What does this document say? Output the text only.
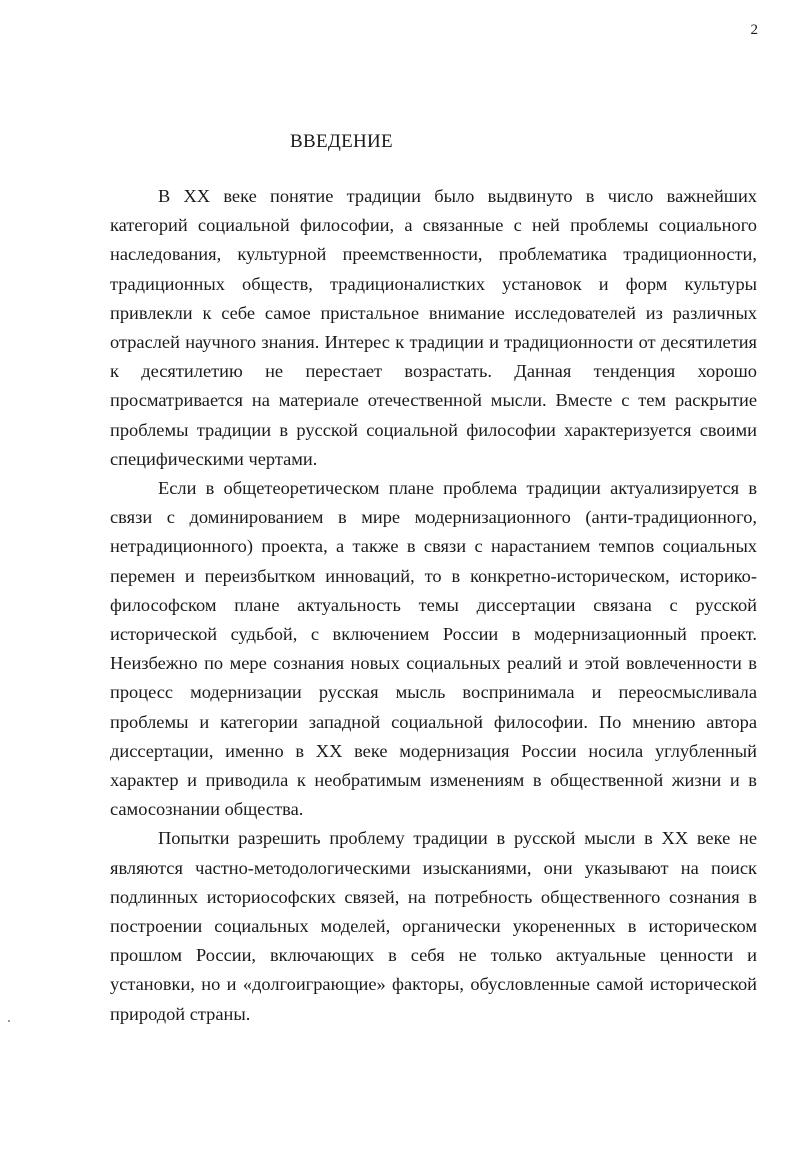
2
ВВЕДЕНИЕ

В XX веке понятие традиции было выдвинуто в число важнейших категорий социальной философии, а связанные с ней проблемы социального наследования, культурной преемственности, проблематика традиционности, традиционных обществ, традиционалистких установок и форм культуры привлекли к себе самое пристальное внимание исследователей из различных отраслей научного знания. Интерес к традиции и традиционности от десятилетия к десятилетию не перестает возрастать. Данная тенденция хорошо просматривается на материале отечественной мысли. Вместе с тем раскрытие проблемы традиции в русской социальной философии характеризуется своими специфическими чертами.

Если в общетеоретическом плане проблема традиции актуализируется в связи с доминированием в мире модернизационного (анти-традиционного, нетрадиционного) проекта, а также в связи с нарастанием темпов социальных перемен и переизбытком инноваций, то в конкретно-историческом, историко-философском плане актуальность темы диссертации связана с русской исторической судьбой, с включением России в модернизационный проект. Неизбежно по мере сознания новых социальных реалий и этой вовлеченности в процесс модернизации русская мысль воспринимала и переосмысливала проблемы и категории западной социальной философии. По мнению автора диссертации, именно в XX веке модернизация России носила углубленный характер и приводила к необратимым изменениям в общественной жизни и в самосознании общества.

Попытки разрешить проблему традиции в русской мысли в XX веке не являются частно-методологическими изысканиями, они указывают на поиск подлинных историософских связей, на потребность общественного сознания в построении социальных моделей, органически укорененных в историческом прошлом России, включающих в себя не только актуальные ценности и установки, но и «долгоиграющие» факторы, обусловленные самой исторической природой страны.
